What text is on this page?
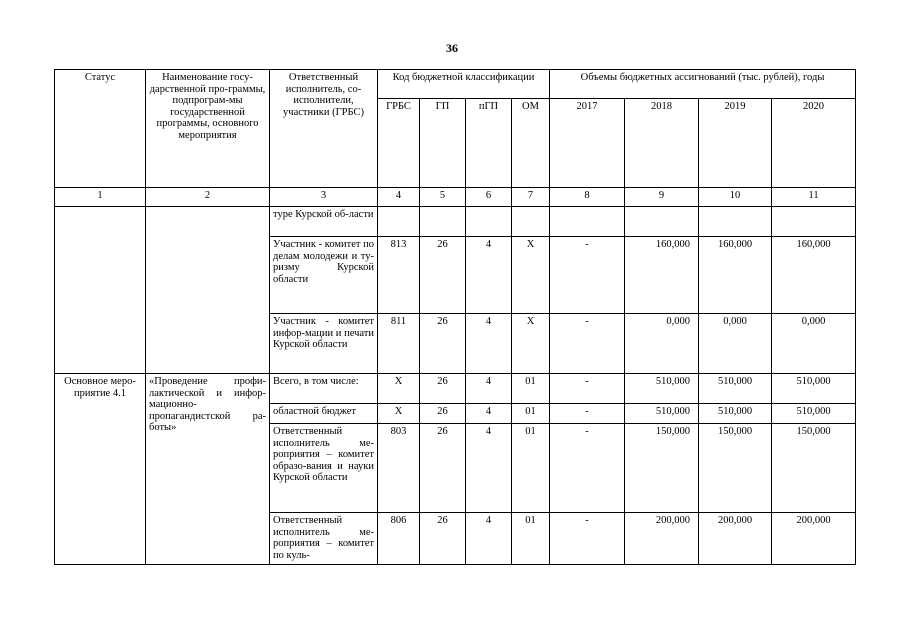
36
Статус	Наименование госу-дарственной про-граммы, подпрограм-мы государственной программы, основного мероприятия	Ответственный исполнитель, со-исполнители, участники (ГРБС)	Код бюджетной классификации				Объемы бюджетных ассигнований (тыс. рублей), годы			
			ГРБС	ГП	пГП	ОМ	2017	2018	2019	2020
1	2	3	4	5	6	7	8	9	10	11
		туре Курской об-ласти								
		Участник - комитет по делам молодежи и ту-ризму Курской области	813	26	4	X	-	160,000	160,000	160,000
		Участник - комитет инфор-мации и печати Курской области	811	26	4	X	-	0,000	0,000	0,000
Основное меро-приятие 4.1	«Проведение профи-лактической и инфор-мационно-пропагандистской ра-боты»	Всего, в том числе:	X	26	4	01	-	510,000	510,000	510,000
		областной бюджет	X	26	4	01	-	510,000	510,000	510,000
		Ответственный исполнитель ме-роприятия – комитет образо-вания и науки Курской области	803	26	4	01	-	150,000	150,000	150,000
		Ответственный исполнитель ме-роприятия – комитет по куль-	806	26	4	01	-	200,000	200,000	200,000
